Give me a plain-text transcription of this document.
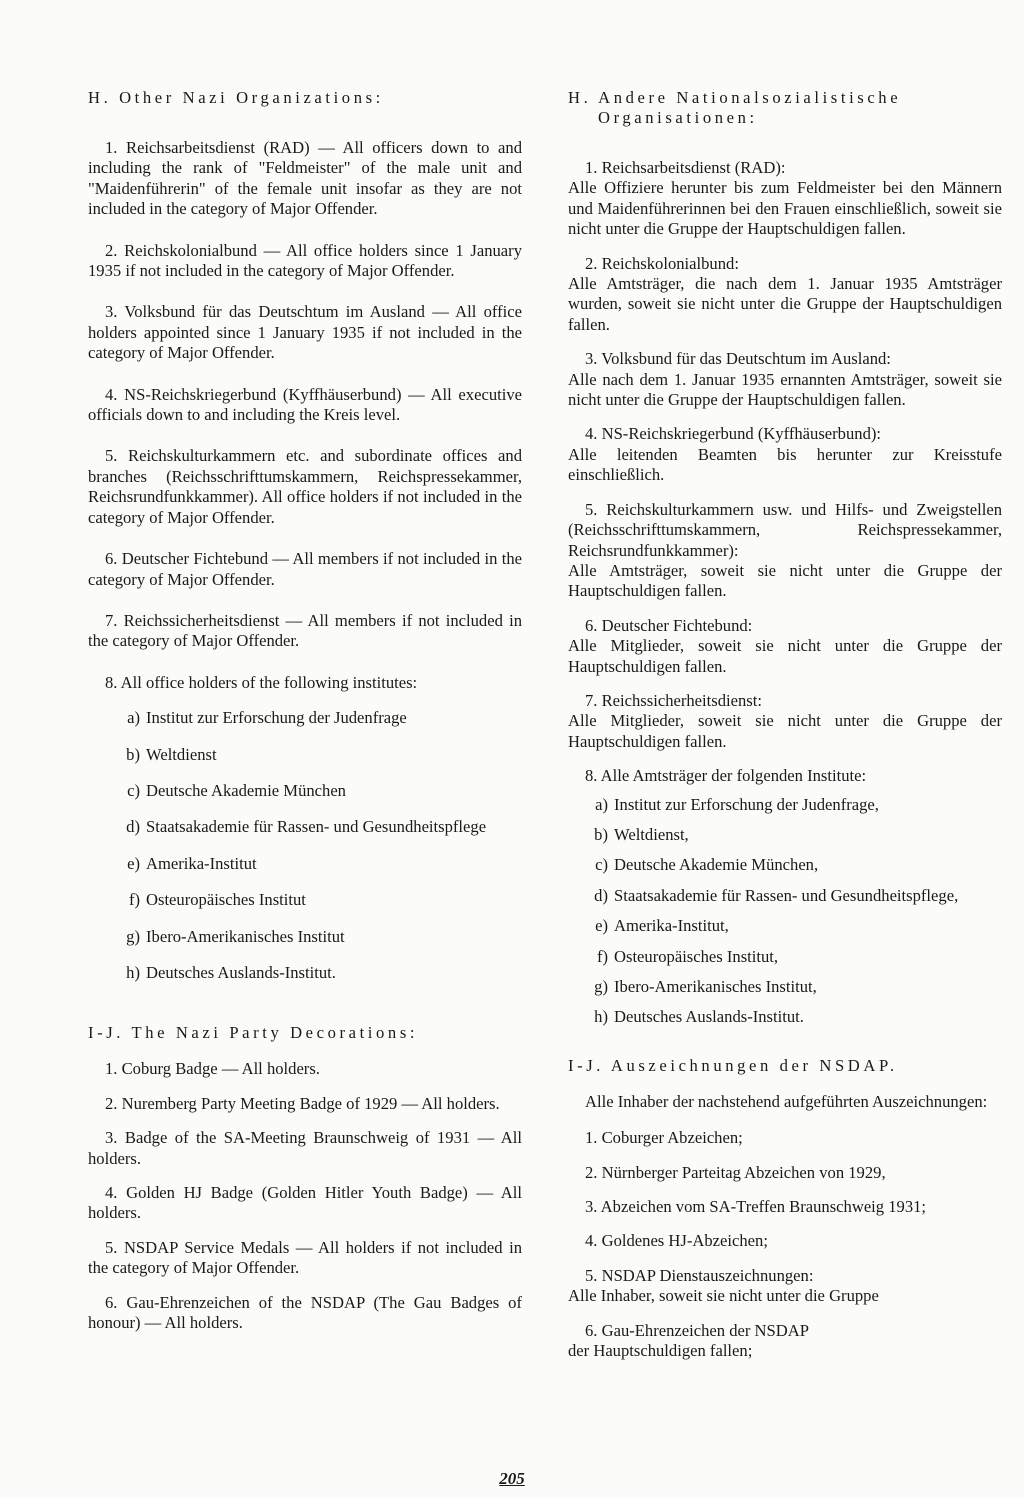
H. Other Nazi Organizations:

1. Reichsarbeitsdienst (RAD) — All officers down to and including the rank of "Feldmeister" of the male unit and "Maidenführerin" of the female unit insofar as they are not included in the category of Major Offender.

2. Reichskolonialbund — All office holders since 1 January 1935 if not included in the category of Major Offender.

3. Volksbund für das Deutschtum im Ausland — All office holders appointed since 1 January 1935 if not included in the category of Major Offender.

4. NS-Reichskriegerbund (Kyffhäuserbund) — All executive officials down to and including the Kreis level.

5. Reichskulturkammern etc. and subordinate offices and branches (Reichsschrifttumskammern, Reichspressekammer, Reichsrundfunkkammer). All office holders if not included in the category of Major Offender.

6. Deutscher Fichtebund — All members if not included in the category of Major Offender.

7. Reichssicherheitsdienst — All members if not included in the category of Major Offender.

8. All office holders of the following institutes:

a) Institut zur Erforschung der Judenfrage
b) Weltdienst
c) Deutsche Akademie München
d) Staatsakademie für Rassen- und Gesundheitspflege
e) Amerika-Institut
f) Osteuropäisches Institut
g) Ibero-Amerikanisches Institut
h) Deutsches Auslands-Institut.

I-J. The Nazi Party Decorations:

1. Coburg Badge — All holders.

2. Nuremberg Party Meeting Badge of 1929 — All holders.

3. Badge of the SA-Meeting Braunschweig of 1931 — All holders.

4. Golden HJ Badge (Golden Hitler Youth Badge) — All holders.

5. NSDAP Service Medals — All holders if not included in the category of Major Offender.

6. Gau-Ehrenzeichen of the NSDAP (The Gau Badges of honour) — All holders.

H. Andere Nationalsozialistische
Organisationen:

1. Reichsarbeitsdienst (RAD):

Alle Offiziere herunter bis zum Feldmeister bei den Männern und Maidenführerinnen bei den Frauen einschließlich, soweit sie nicht unter die Gruppe der Hauptschuldigen fallen.

2. Reichskolonialbund:

Alle Amtsträger, die nach dem 1. Januar 1935 Amtsträger wurden, soweit sie nicht unter die Gruppe der Hauptschuldigen fallen.

3. Volksbund für das Deutschtum im Ausland:

Alle nach dem 1. Januar 1935 ernannten Amtsträger, soweit sie nicht unter die Gruppe der Hauptschuldigen fallen.

4. NS-Reichskriegerbund (Kyffhäuserbund):

Alle leitenden Beamten bis herunter zur Kreisstufe einschließlich.

5. Reichskulturkammern usw. und Hilfs- und Zweigstellen (Reichsschrifttumskammern, Reichspressekammer, Reichsrundfunkkammer):

Alle Amtsträger, soweit sie nicht unter die Gruppe der Hauptschuldigen fallen.

6. Deutscher Fichtebund:

Alle Mitglieder, soweit sie nicht unter die Gruppe der Hauptschuldigen fallen.

7. Reichssicherheitsdienst:

Alle Mitglieder, soweit sie nicht unter die Gruppe der Hauptschuldigen fallen.

8. Alle Amtsträger der folgenden Institute:

a) Institut zur Erforschung der Judenfrage,
b) Weltdienst,
c) Deutsche Akademie München,
d) Staatsakademie für Rassen- und Gesundheitspflege,
e) Amerika-Institut,
f) Osteuropäisches Institut,
g) Ibero-Amerikanisches Institut,
h) Deutsches Auslands-Institut.

I-J. Auszeichnungen der NSDAP.

Alle Inhaber der nachstehend aufgeführten Auszeichnungen:

1. Coburger Abzeichen;

2. Nürnberger Parteitag Abzeichen von 1929,

3. Abzeichen vom SA-Treffen Braunschweig 1931;

4. Goldenes HJ-Abzeichen;

5. NSDAP Dienstauszeichnungen:

Alle Inhaber, soweit sie nicht unter die Gruppe

6. Gau-Ehrenzeichen der NSDAP

der Hauptschuldigen fallen;

205
